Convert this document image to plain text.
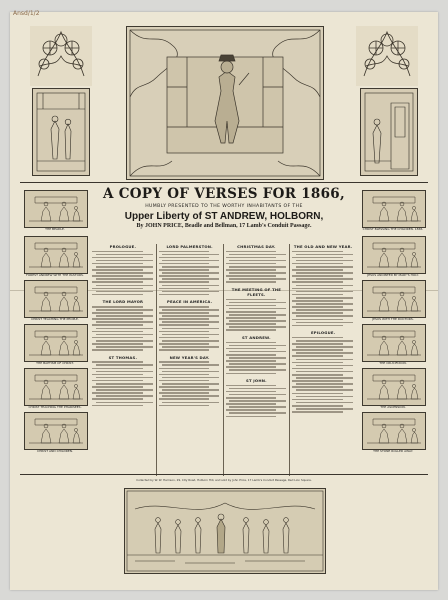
Ansd/1/2
A COPY OF VERSES FOR 1866,
HUMBLY PRESENTED TO THE WORTHY INHABITANTS OF THE
Upper Liberty of ST ANDREW, HOLBORN,
By JOHN PRICE, Beadle and Bellman, 17 Lamb's Conduit Passage.
THE BEADLE.
FOREST ANDREW WITH THE PASTORS.
CHRIST TEACHING THE PEOPLE.
THE BAPTISM OF CHRIST.
CHRIST TEACHING THE PHARISEES.
CHRIST AND CHILDREN.
CHRIST BLESSING THE CHILDREN. 1865.
JESUS ANOINTED BY MARY'S HOLY.
JESUS WITH THE DOCTORS.
THE CRUCIFIXION.
THE ASCENSION.
THE STONE ROLLED AWAY.
PROLOGUE.
THE LORD MAYOR
ST THOMAS.
LORD PALMERSTON.
PEACE IN AMERICA.
NEW YEAR'S DAY.
CHRISTMAS DAY.
THE MEETING OF THE FLEETS.
ST ANDREW.
ST JOHN.
THE OLD AND NEW YEAR.
EPILOGUE.
Collected by W. W. Harrison, 29, City Road, Holborn Hill, and sold by John Price, 17 Lamb's Conduit Passage, Red Lion Square.
